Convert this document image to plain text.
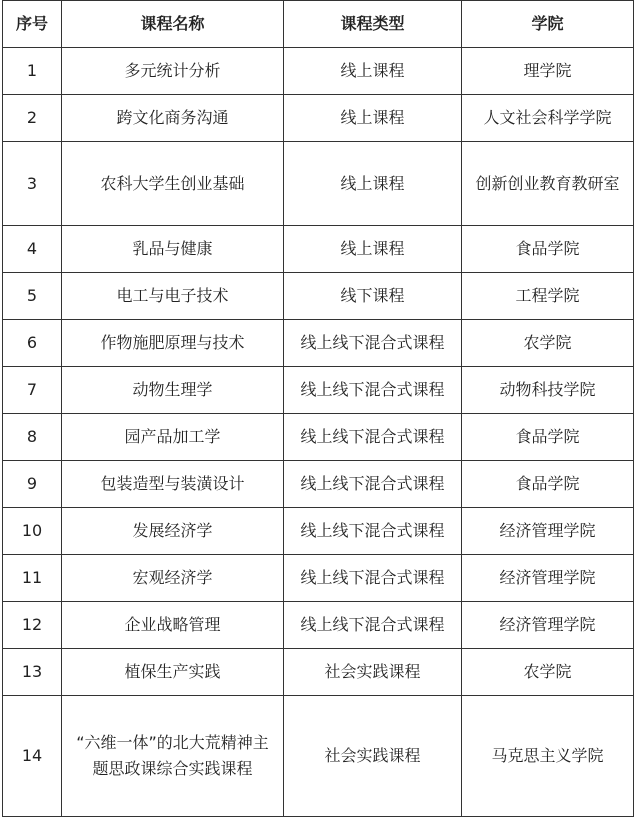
序号	课程名称	课程类型	学院
1	多元统计分析	线上课程	理学院
2	跨文化商务沟通	线上课程	人文社会科学学院
3	农科大学生创业基础	线上课程	创新创业教育教研室
4	乳品与健康	线上课程	食品学院
5	电工与电子技术	线下课程	工程学院
6	作物施肥原理与技术	线上线下混合式课程	农学院
7	动物生理学	线上线下混合式课程	动物科技学院
8	园产品加工学	线上线下混合式课程	食品学院
9	包装造型与装潢设计	线上线下混合式课程	食品学院
10	发展经济学	线上线下混合式课程	经济管理学院
11	宏观经济学	线上线下混合式课程	经济管理学院
12	企业战略管理	线上线下混合式课程	经济管理学院
13	植保生产实践	社会实践课程	农学院
14	“六维一体”的北大荒精神主题思政课综合实践课程	社会实践课程	马克思主义学院
